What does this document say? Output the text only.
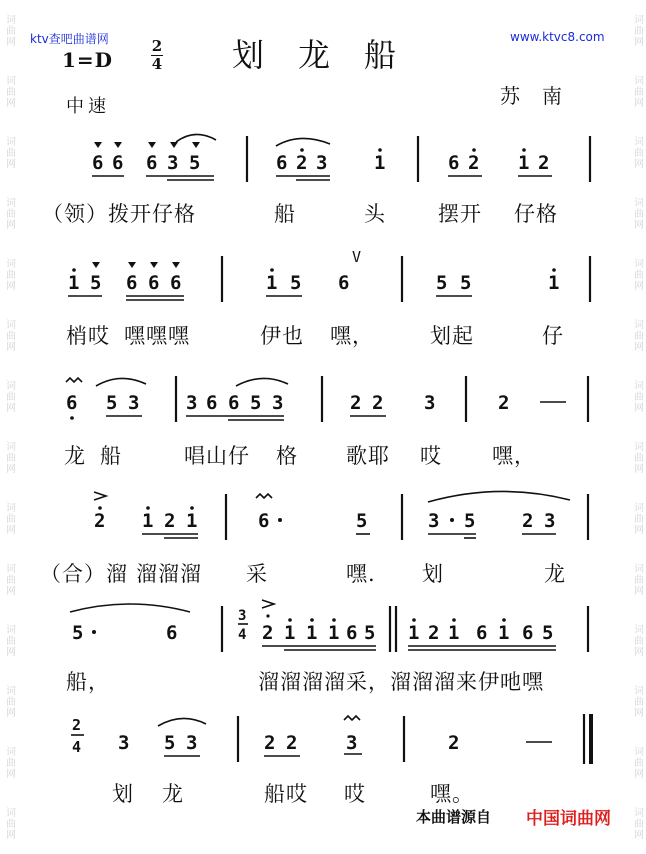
词曲网
词曲网
词曲网
词曲网
词曲网
词曲网
词曲网
词曲网
词曲网
词曲网
词曲网
词曲网
词曲网
词曲网
词曲网
词曲网
词曲网
词曲网
词曲网
词曲网
词曲网
词曲网
词曲网
词曲网
词曲网
词曲网
词曲网
词曲网
ktv查吧曲谱网	www.ktvc8.com
1=D
2
4 划龙船
中速	苏南
6 6 6 3 5	6 2 3 1	6 2 1 2
（领）拨开 仔格	船	头 摆开 仔格
1 5 6 6 6	1 5 6
V
5 5	1
梢哎 嘿嘿嘿	伊也 嘿，	划起	仔
6 5 3 3 6 6 5 3	2 2 3	2
龙 船	唱山仔 格 歌耶 哎 嘿，
2 1 2 1	6	5	3 5 2 3
（合）溜 溜溜溜 采	嘿. 划	龙
5	6
3
4 2 1 1 1 6 5 1 2 1 6 1 6 5
船，	溜溜溜溜采，溜溜溜来伊吔嘿
2
4 3 5 3	2 2	3	2
划 龙	船哎 哎	嘿。
本曲谱源自 中国词曲网
